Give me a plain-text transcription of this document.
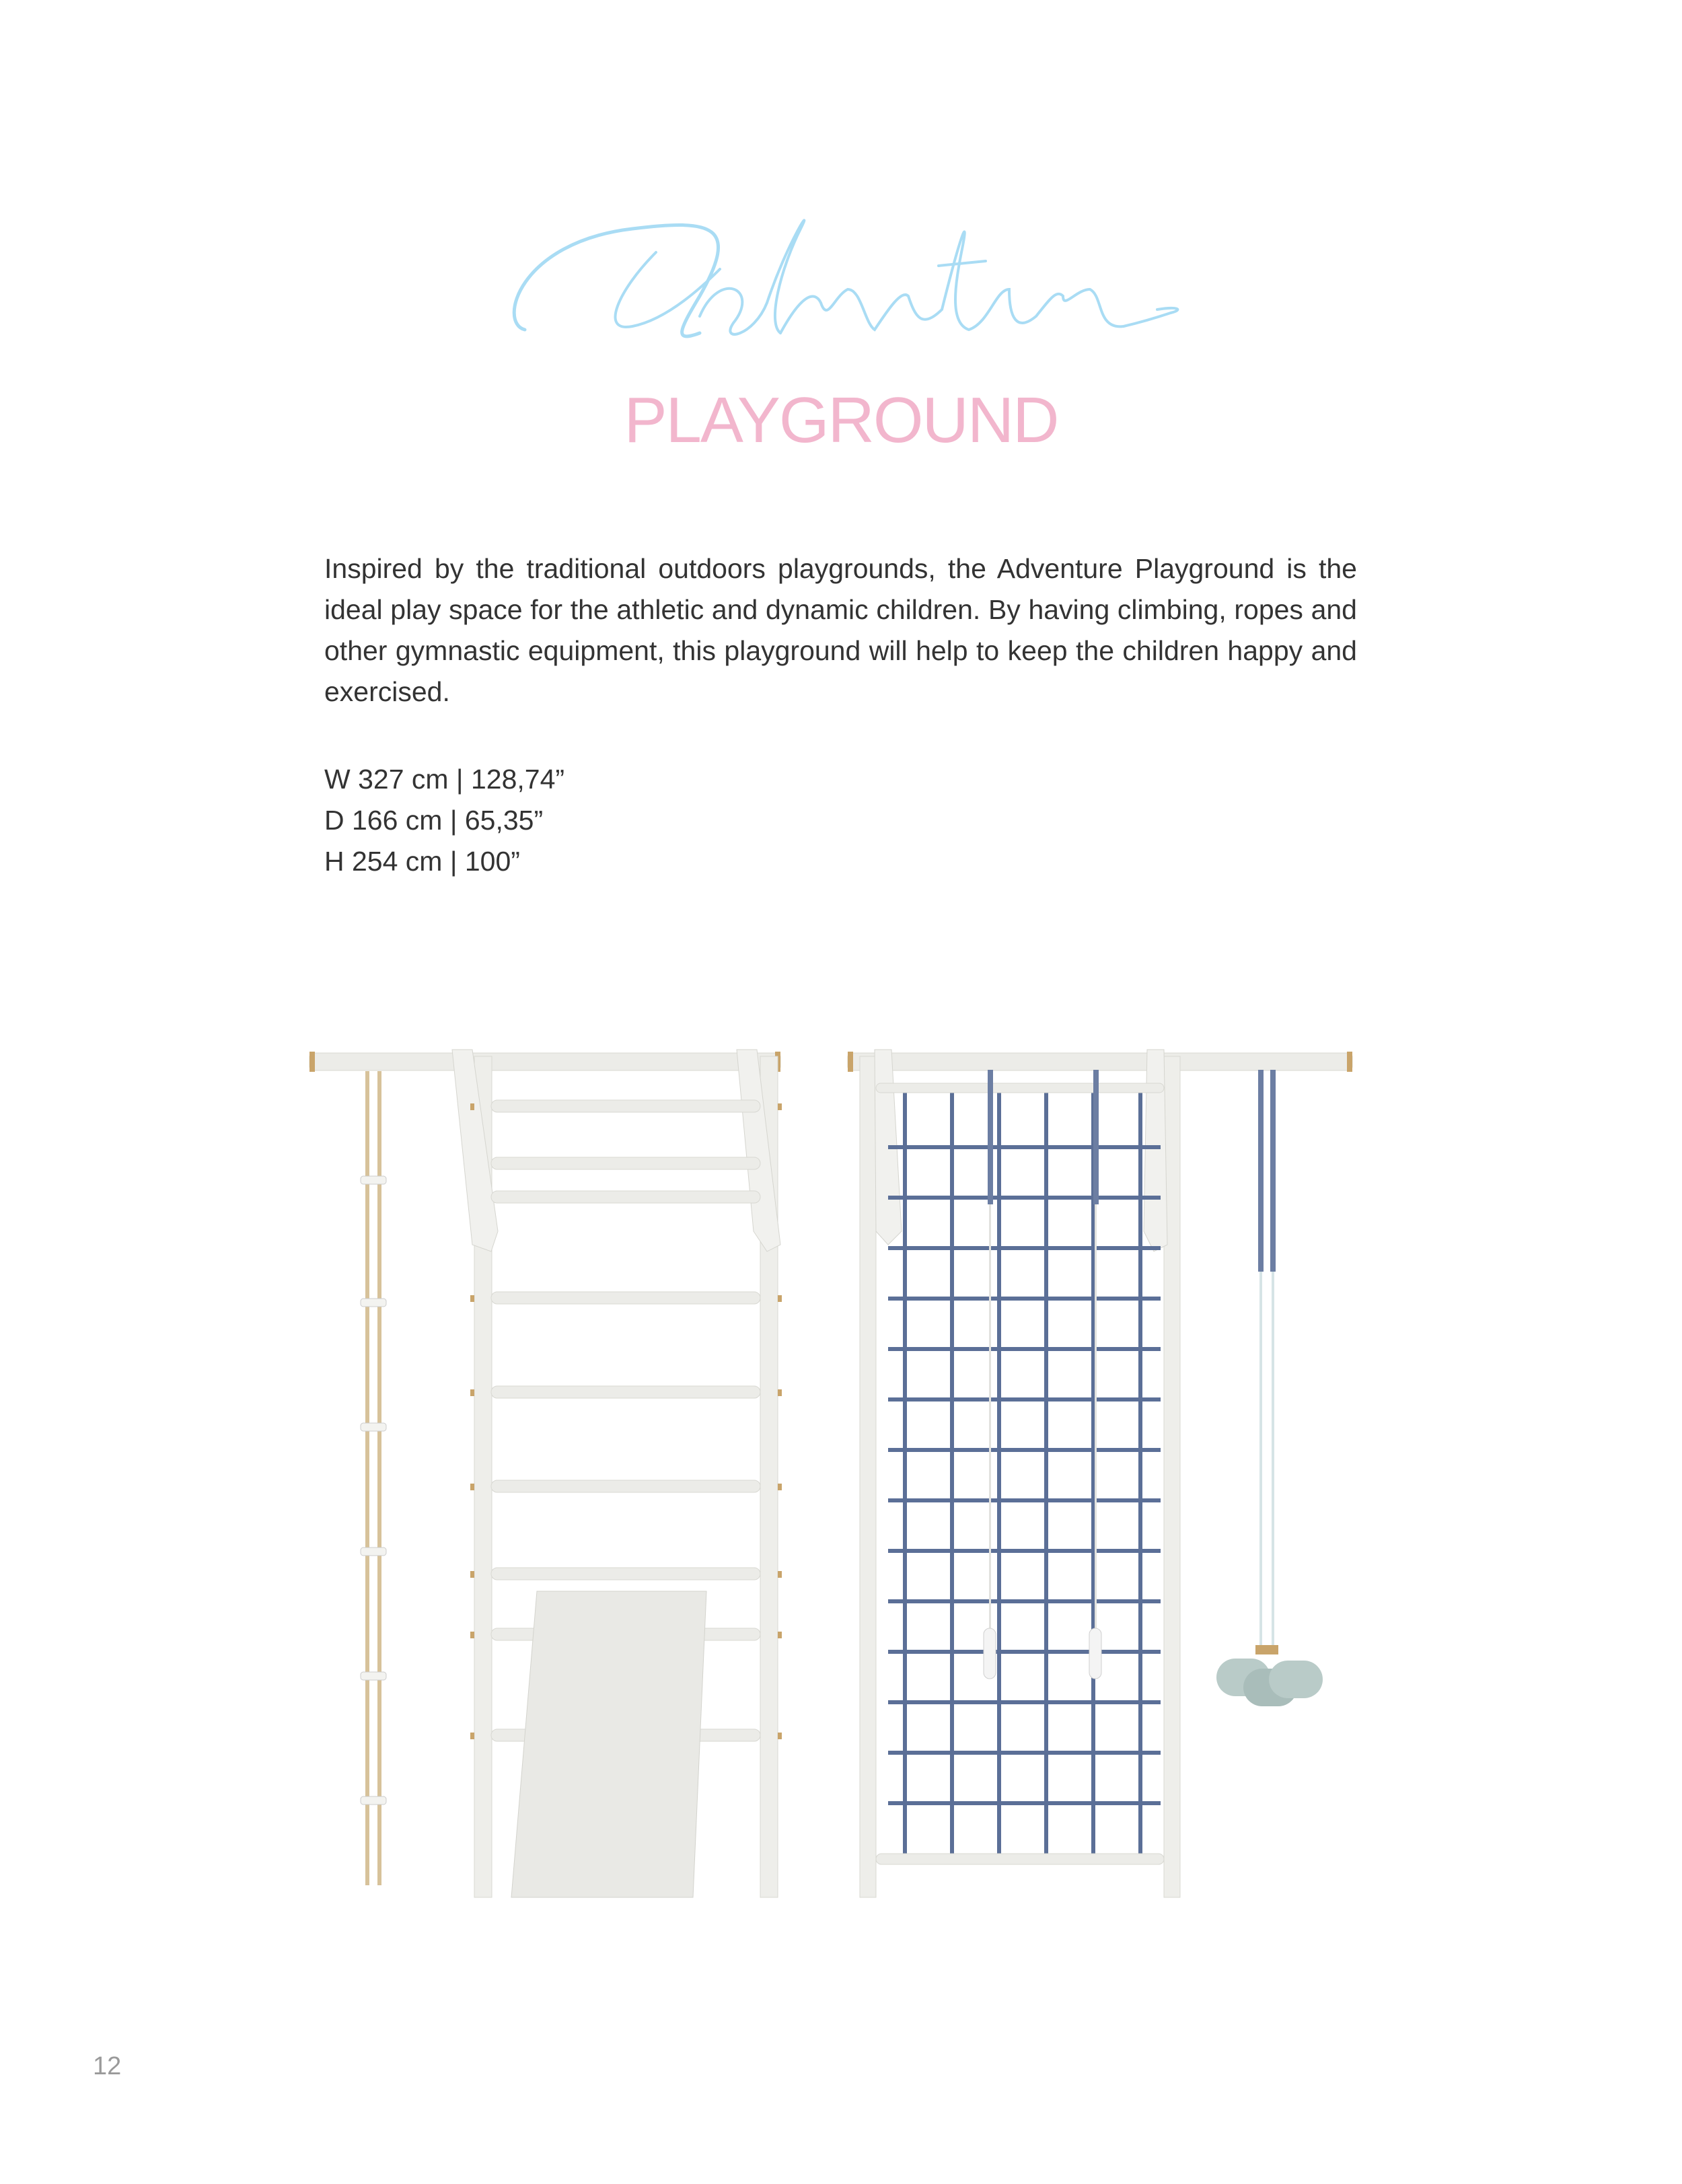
PLAYGROUND

Inspired by the traditional outdoors playgrounds, the Adventure Playground is the ideal play space for the athletic and dynamic children. By having climbing, ropes and other gymnastic equipment, this playground will help to keep the children happy and exercised.

W 327 cm | 128,74”
D 166 cm | 65,35”
H 254 cm | 100”
12
